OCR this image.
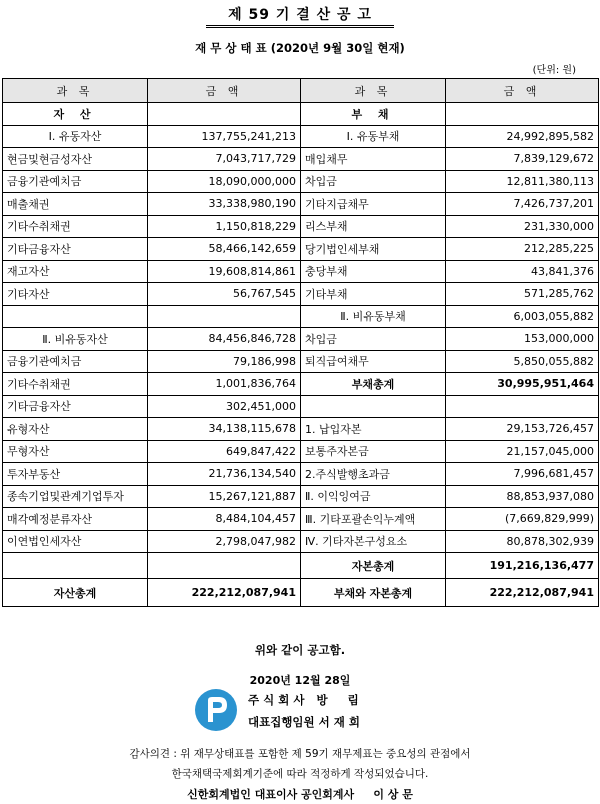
제 59 기 결 산 공 고
재 무 상 태 표 (2020년 9월 30일 현재)
(단위: 원)
과 목	금 액	과 목	금 액
자 산		부 채	
Ⅰ. 유동자산	137,755,241,213	Ⅰ. 유동부채	24,992,895,582
현금및현금성자산	7,043,717,729	매입채무	7,839,129,672
금융기관예치금	18,090,000,000	차입금	12,811,380,113
매출채권	33,338,980,190	기타지급채무	7,426,737,201
기타수취채권	1,150,818,229	리스부채	231,330,000
기타금융자산	58,466,142,659	당기법인세부채	212,285,225
재고자산	19,608,814,861	충당부채	43,841,376
기타자산	56,767,545	기타부채	571,285,762
		Ⅱ. 비유동부채	6,003,055,882
Ⅱ. 비유동자산	84,456,846,728	차입금	153,000,000
금융기관예치금	79,186,998	퇴직급여채무	5,850,055,882
기타수취채권	1,001,836,764	부채총계	30,995,951,464
기타금융자산	302,451,000		
유형자산	34,138,115,678	1. 납입자본	29,153,726,457
무형자산	649,847,422	보통주자본금	21,157,045,000
투자부동산	21,736,134,540	2.주식발행초과금	7,996,681,457
종속기업및관계기업투자	15,267,121,887	Ⅱ. 이익잉여금	88,853,937,080
매각예정분류자산	8,484,104,457	Ⅲ. 기타포괄손익누계액	(7,669,829,999)
이연법인세자산	2,798,047,982	Ⅳ. 기타자본구성요소	80,878,302,939
		자본총계	191,216,136,477
자산총계	222,212,087,941	부채와 자본총계	222,212,087,941
위와 같이 공고함.
2020년 12월 28일
주 식 회 사   방     림
대표집행임원 서 재 희
감사의견 : 위 재무상태표를 포함한 제 59기 재무제표는 중요성의 관점에서
한국채택국제회계기준에 따라 적정하게 작성되었습니다.
신한회계법인 대표이사 공인회계사     이 상 문
